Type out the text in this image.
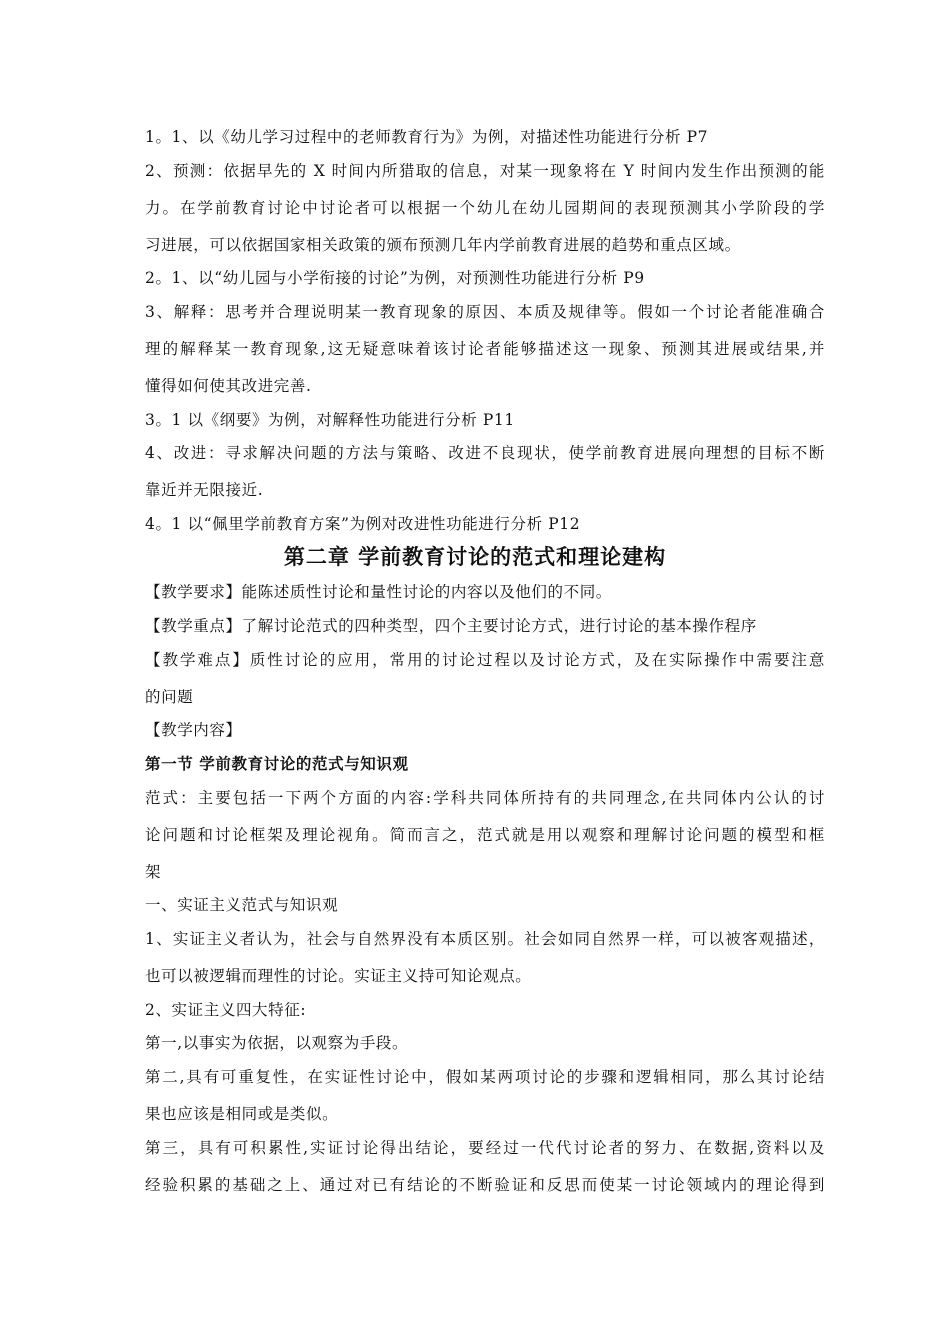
1。1、以《幼儿学习过程中的老师教育行为》为例，对描述性功能进行分析 P7
2、预测：依据早先的 X 时间内所猎取的信息，对某一现象将在 Y 时间内发生作出预测的能
力。在学前教育讨论中讨论者可以根据一个幼儿在幼儿园期间的表现预测其小学阶段的学
习进展，可以依据国家相关政策的颁布预测几年内学前教育进展的趋势和重点区域。
2。1、以“幼儿园与小学衔接的讨论”为例，对预测性功能进行分析 P9
3、解释：思考并合理说明某一教育现象的原因、本质及规律等。假如一个讨论者能准确合
理的解释某一教育现象,这无疑意味着该讨论者能够描述这一现象、预测其进展或结果,并
懂得如何使其改进完善.
3。1 以《纲要》为例，对解释性功能进行分析 P11
4、改进：寻求解决问题的方法与策略、改进不良现状，使学前教育进展向理想的目标不断
靠近并无限接近.
4。1 以“佩里学前教育方案”为例对改进性功能进行分析 P12
第二章 学前教育讨论的范式和理论建构
【教学要求】能陈述质性讨论和量性讨论的内容以及他们的不同。
【教学重点】了解讨论范式的四种类型，四个主要讨论方式，进行讨论的基本操作程序
【教学难点】质性讨论的应用，常用的讨论过程以及讨论方式，及在实际操作中需要注意
的问题
【教学内容】
第一节 学前教育讨论的范式与知识观
范式：主要包括一下两个方面的内容:学科共同体所持有的共同理念,在共同体内公认的讨
论问题和讨论框架及理论视角。简而言之，范式就是用以观察和理解讨论问题的模型和框
架
一、实证主义范式与知识观
1、实证主义者认为，社会与自然界没有本质区别。社会如同自然界一样，可以被客观描述，
也可以被逻辑而理性的讨论。实证主义持可知论观点。
2、实证主义四大特征:
第一,以事实为依据，以观察为手段。
第二,具有可重复性，在实证性讨论中，假如某两项讨论的步骤和逻辑相同，那么其讨论结
果也应该是相同或是类似。
第三，具有可积累性,实证讨论得出结论，要经过一代代讨论者的努力、在数据,资料以及
经验积累的基础之上、通过对已有结论的不断验证和反思而使某一讨论领域内的理论得到
